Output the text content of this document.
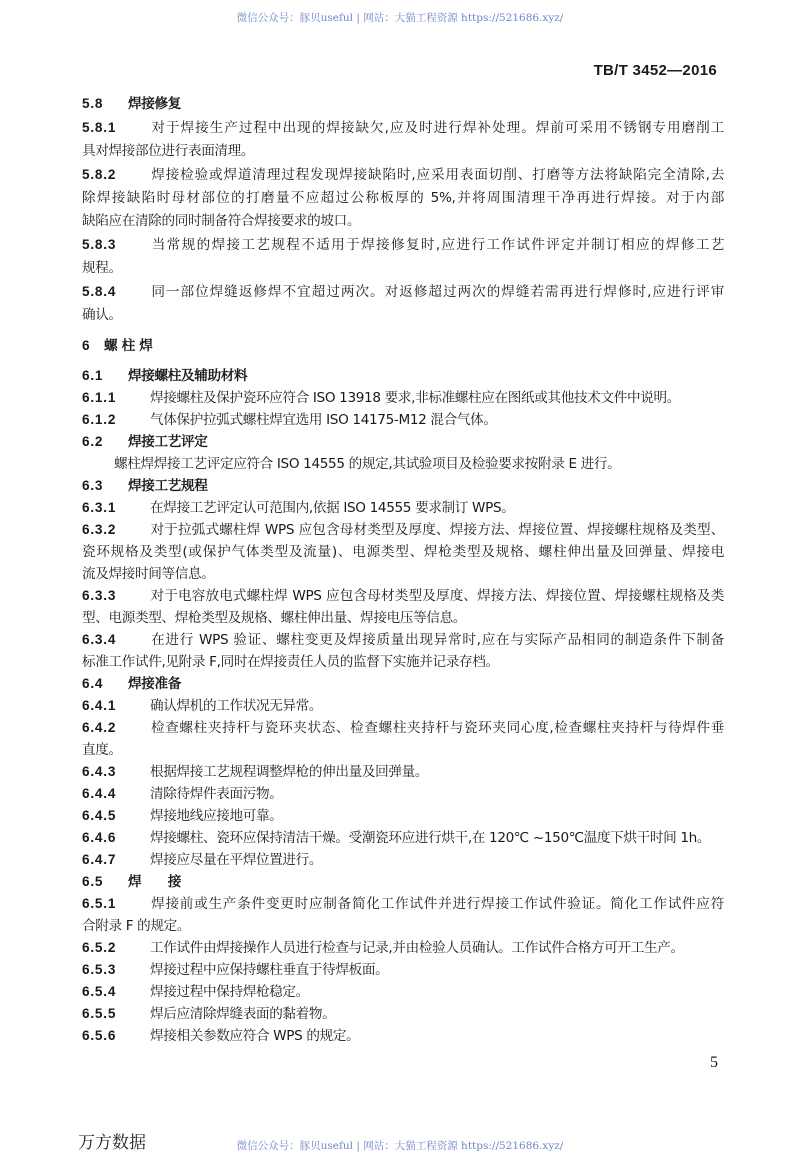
微信公众号：豚贝useful | 网站：大猫工程资源 https://521686.xyz/
TB/T 3452—2016
5.8 焊接修复
5.8.1 对于焊接生产过程中出现的焊接缺欠,应及时进行焊补处理。焊前可采用不锈钢专用磨削工
具对焊接部位进行表面清理。
5.8.2 焊接检验或焊道清理过程发现焊接缺陷时,应采用表面切削、打磨等方法将缺陷完全清除,去
除焊接缺陷时母材部位的打磨量不应超过公称板厚的 5%,并将周围清理干净再进行焊接。对于内部
缺陷应在清除的同时制备符合焊接要求的坡口。
5.8.3 当常规的焊接工艺规程不适用于焊接修复时,应进行工作试件评定并制订相应的焊修工艺
规程。
5.8.4 同一部位焊缝返修焊不宜超过两次。对返修超过两次的焊缝若需再进行焊修时,应进行评审
确认。
6 螺 柱 焊
6.1 焊接螺柱及辅助材料
6.1.1 焊接螺柱及保护瓷环应符合 ISO 13918 要求,非标准螺柱应在图纸或其他技术文件中说明。
6.1.2 气体保护拉弧式螺柱焊宜选用 ISO 14175-M12 混合气体。
6.2 焊接工艺评定
螺柱焊焊接工艺评定应符合 ISO 14555 的规定,其试验项目及检验要求按附录 E 进行。
6.3 焊接工艺规程
6.3.1 在焊接工艺评定认可范围内,依据 ISO 14555 要求制订 WPS。
6.3.2 对于拉弧式螺柱焊 WPS 应包含母材类型及厚度、焊接方法、焊接位置、焊接螺柱规格及类型、
瓷环规格及类型(或保护气体类型及流量)、电源类型、焊枪类型及规格、螺柱伸出量及回弹量、焊接电
流及焊接时间等信息。
6.3.3 对于电容放电式螺柱焊 WPS 应包含母材类型及厚度、焊接方法、焊接位置、焊接螺柱规格及类
型、电源类型、焊枪类型及规格、螺柱伸出量、焊接电压等信息。
6.3.4 在进行 WPS 验证、螺柱变更及焊接质量出现异常时,应在与实际产品相同的制造条件下制备
标准工作试件,见附录 F,同时在焊接责任人员的监督下实施并记录存档。
6.4 焊接准备
6.4.1 确认焊机的工作状况无异常。
6.4.2 检查螺柱夹持杆与瓷环夹状态、检查螺柱夹持杆与瓷环夹同心度,检查螺柱夹持杆与待焊件垂
直度。
6.4.3 根据焊接工艺规程调整焊枪的伸出量及回弹量。
6.4.4 清除待焊件表面污物。
6.4.5 焊接地线应接地可靠。
6.4.6 焊接螺柱、瓷环应保持清洁干燥。受潮瓷环应进行烘干,在 120℃ ~150℃温度下烘干时间 1h。
6.4.7 焊接应尽量在平焊位置进行。
6.5 焊　　接
6.5.1 焊接前或生产条件变更时应制备简化工作试件并进行焊接工作试件验证。简化工作试件应符
合附录 F 的规定。
6.5.2 工作试件由焊接操作人员进行检查与记录,并由检验人员确认。工作试件合格方可开工生产。
6.5.3 焊接过程中应保持螺柱垂直于待焊板面。
6.5.4 焊接过程中保持焊枪稳定。
6.5.5 焊后应清除焊缝表面的黏着物。
6.5.6 焊接相关参数应符合 WPS 的规定。
5
万方数据	微信公众号：豚贝useful | 网站：大猫工程资源 https://521686.xyz/
